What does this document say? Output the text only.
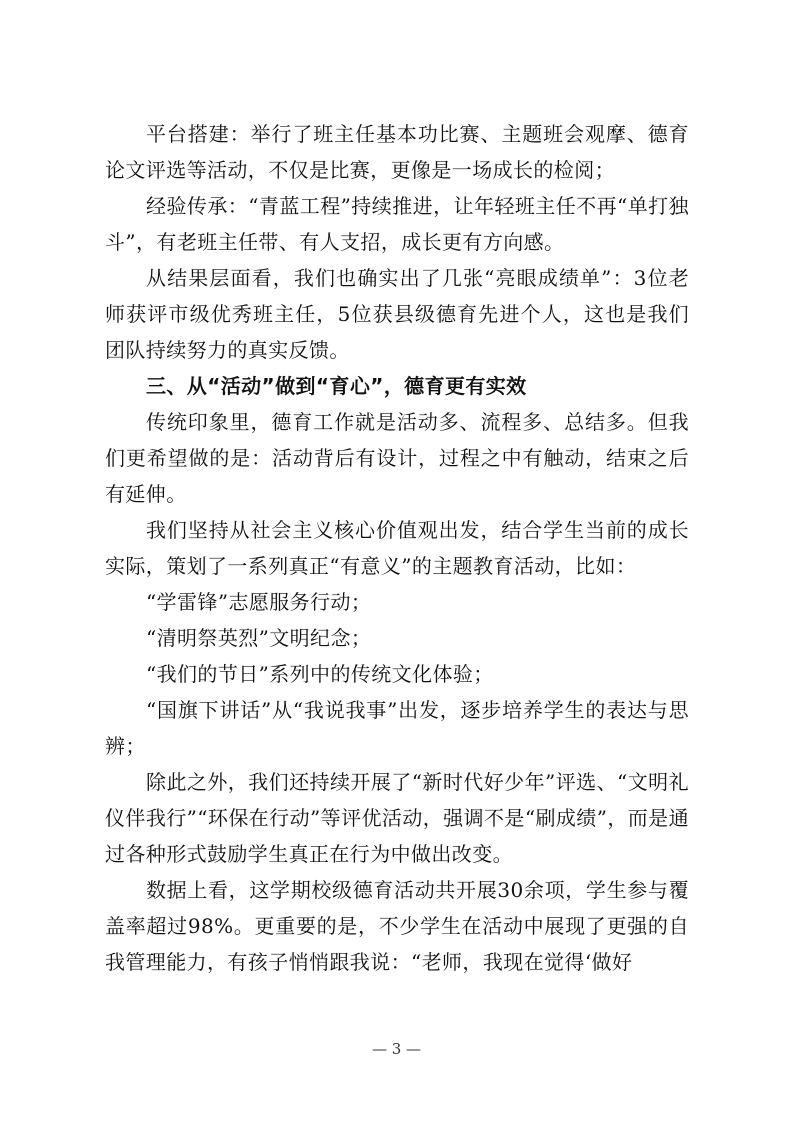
平台搭建：举行了班主任基本功比赛、主题班会观摩、德育论文评选等活动，不仅是比赛，更像是一场成长的检阅；

经验传承：“青蓝工程”持续推进，让年轻班主任不再“单打独斗”，有老班主任带、有人支招，成长更有方向感。

从结果层面看，我们也确实出了几张“亮眼成绩单”：3位老师获评市级优秀班主任，5位获县级德育先进个人，这也是我们团队持续努力的真实反馈。

三、从“活动”做到“育心”，德育更有实效

传统印象里，德育工作就是活动多、流程多、总结多。但我们更希望做的是：活动背后有设计，过程之中有触动，结束之后有延伸。

我们坚持从社会主义核心价值观出发，结合学生当前的成长实际，策划了一系列真正“有意义”的主题教育活动，比如：

“学雷锋”志愿服务行动；

“清明祭英烈”文明纪念；

“我们的节日”系列中的传统文化体验；

“国旗下讲话”从“我说我事”出发，逐步培养学生的表达与思辨；

除此之外，我们还持续开展了“新时代好少年”评选、“文明礼仪伴我行”“环保在行动”等评优活动，强调不是“刷成绩”，而是通过各种形式鼓励学生真正在行为中做出改变。

数据上看，这学期校级德育活动共开展30余项，学生参与覆盖率超过98%。更重要的是，不少学生在活动中展现了更强的自我管理能力，有孩子悄悄跟我说：“老师，我现在觉得‘做好

— 3 —
